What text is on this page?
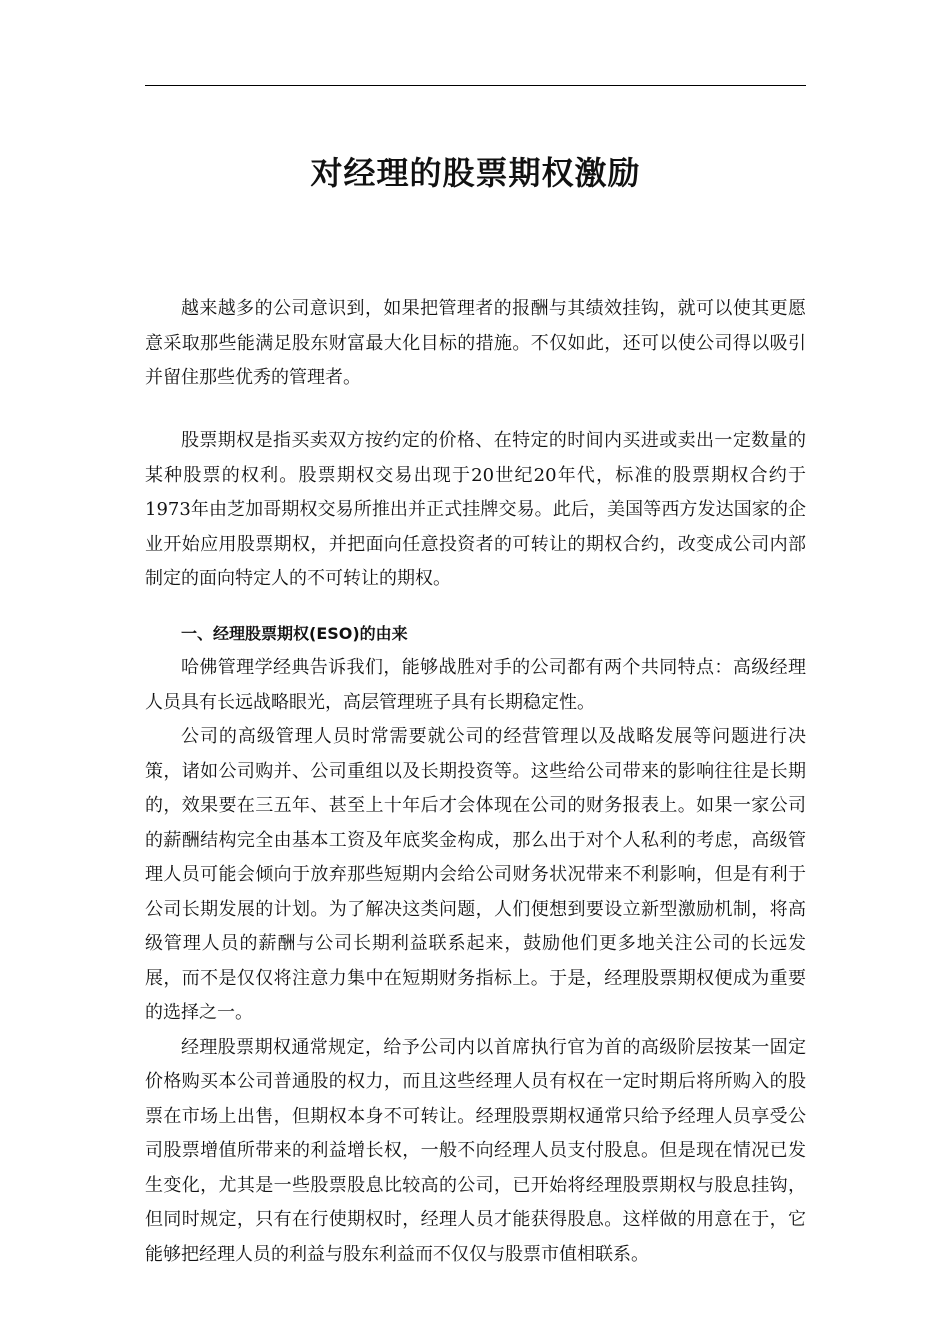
对经理的股票期权激励

越来越多的公司意识到，如果把管理者的报酬与其绩效挂钩，就可以使其更愿意采取那些能满足股东财富最大化目标的措施。不仅如此，还可以使公司得以吸引并留住那些优秀的管理者。

股票期权是指买卖双方按约定的价格、在特定的时间内买进或卖出一定数量的某种股票的权利。股票期权交易出现于20世纪20年代，标准的股票期权合约于1973年由芝加哥期权交易所推出并正式挂牌交易。此后，美国等西方发达国家的企业开始应用股票期权，并把面向任意投资者的可转让的期权合约，改变成公司内部制定的面向特定人的不可转让的期权。

一、经理股票期权(ESO)的由来

哈佛管理学经典告诉我们，能够战胜对手的公司都有两个共同特点：高级经理人员具有长远战略眼光，高层管理班子具有长期稳定性。

公司的高级管理人员时常需要就公司的经营管理以及战略发展等问题进行决策，诸如公司购并、公司重组以及长期投资等。这些给公司带来的影响往往是长期的，效果要在三五年、甚至上十年后才会体现在公司的财务报表上。如果一家公司的薪酬结构完全由基本工资及年底奖金构成，那么出于对个人私利的考虑，高级管理人员可能会倾向于放弃那些短期内会给公司财务状况带来不利影响，但是有利于公司长期发展的计划。为了解决这类问题，人们便想到要设立新型激励机制，将高级管理人员的薪酬与公司长期利益联系起来，鼓励他们更多地关注公司的长远发展，而不是仅仅将注意力集中在短期财务指标上。于是，经理股票期权便成为重要的选择之一。

经理股票期权通常规定，给予公司内以首席执行官为首的高级阶层按某一固定价格购买本公司普通股的权力，而且这些经理人员有权在一定时期后将所购入的股票在市场上出售，但期权本身不可转让。经理股票期权通常只给予经理人员享受公司股票增值所带来的利益增长权，一般不向经理人员支付股息。但是现在情况已发生变化，尤其是一些股票股息比较高的公司，已开始将经理股票期权与股息挂钩，但同时规定，只有在行使期权时，经理人员才能获得股息。这样做的用意在于，它能够把经理人员的利益与股东利益而不仅仅与股票市值相联系。
